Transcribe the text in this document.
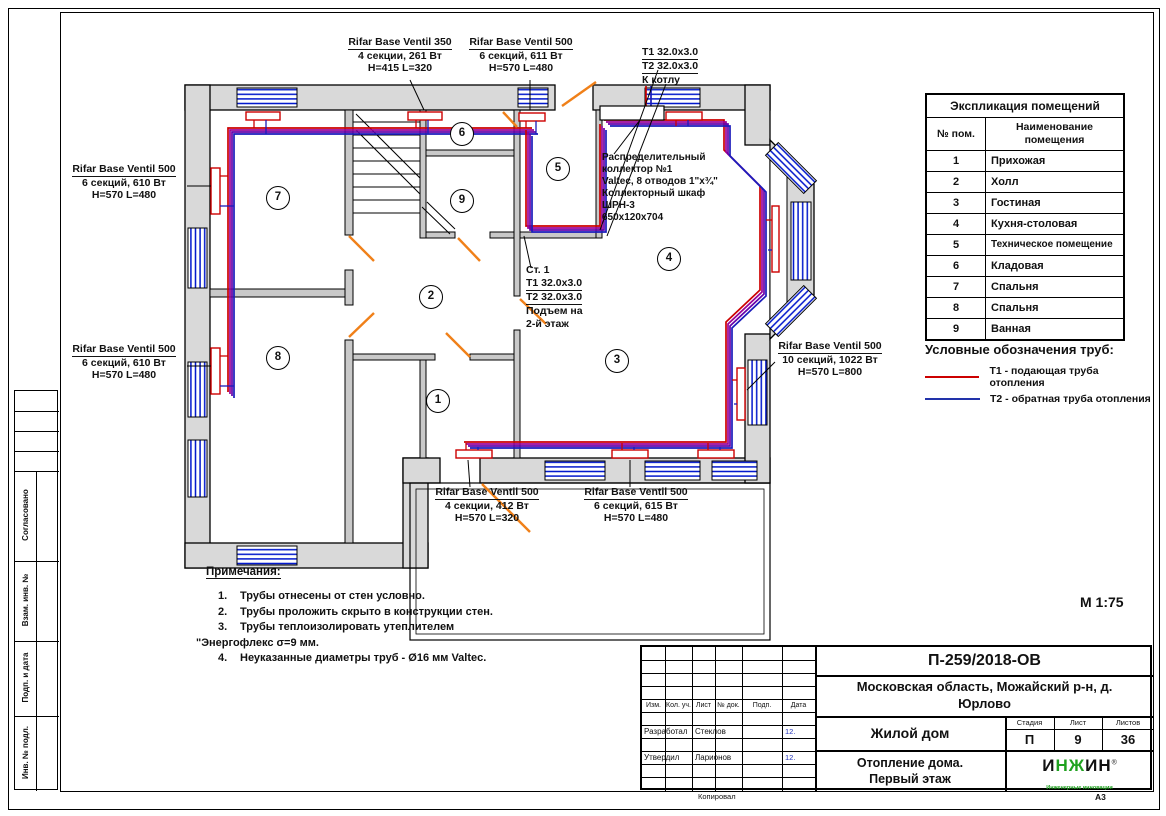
1
2
3
4
5
6
7
8
9
Rifar Base Ventil 350
4 секции, 261 Вт
H=415 L=320
Rifar Base Ventil 500
6 секций, 611 Вт
H=570 L=480
Rifar Base Ventil 500
6 секций, 610 Вт
H=570 L=480
Rifar Base Ventil 500
6 секций, 610 Вт
H=570 L=480
Rifar Base Ventil 500
10 секций, 1022 Вт
H=570 L=800
Rifar Base Ventil 500
4 секции, 412 Вт
H=570 L=320
Rifar Base Ventil 500
6 секций, 615 Вт
H=570 L=480
Т1 32.0х3.0
Т2 32.0х3.0
К котлу
Распределительный
коллектор №1
Valtec, 8 отводов 1"х¾"
Коллекторный шкаф ШРН-3
650х120х704
Ст. 1
Т1 32.0х3.0
Т2 32.0х3.0
Подъем на
2-й этаж
М 1:75
Примечания:
1.	Трубы отнесены от стен условно.
2.	Трубы проложить скрыто в конструкции стен.
3.	Трубы теплоизолировать утеплителем
"Энергофлекс σ=9 мм.
4.	Неуказанные диаметры труб - Ø16 мм Valtec.
Экспликация помещений
№ пом.
Наименование помещения
1	Прихожая
2	Холл
3	Гостиная
4	Кухня-столовая
5	Техническое помещение
6	Кладовая
7	Спальня
8	Спальня
9	Ванная
Условные обозначения труб:
Т1 - подающая труба отопления
Т2 - обратная труба отопления
Согласовано
Взам. инв. №
Подп. и дата
Инв. № подл.
Изм. Кол. уч. Лист № док.	Подп.	Дата
Разработал Стеклов	12.
Утвердил	Ларионов	12.
П-259/2018-ОВ
Московская область, Можайский р-н, д.
Юрлово
Жилой дом
Стадия	Лист	Листов
П	9	36
Отопление дома.
Первый этаж
ИНЖИН®
Инженерные инновации
Копировал	А3
